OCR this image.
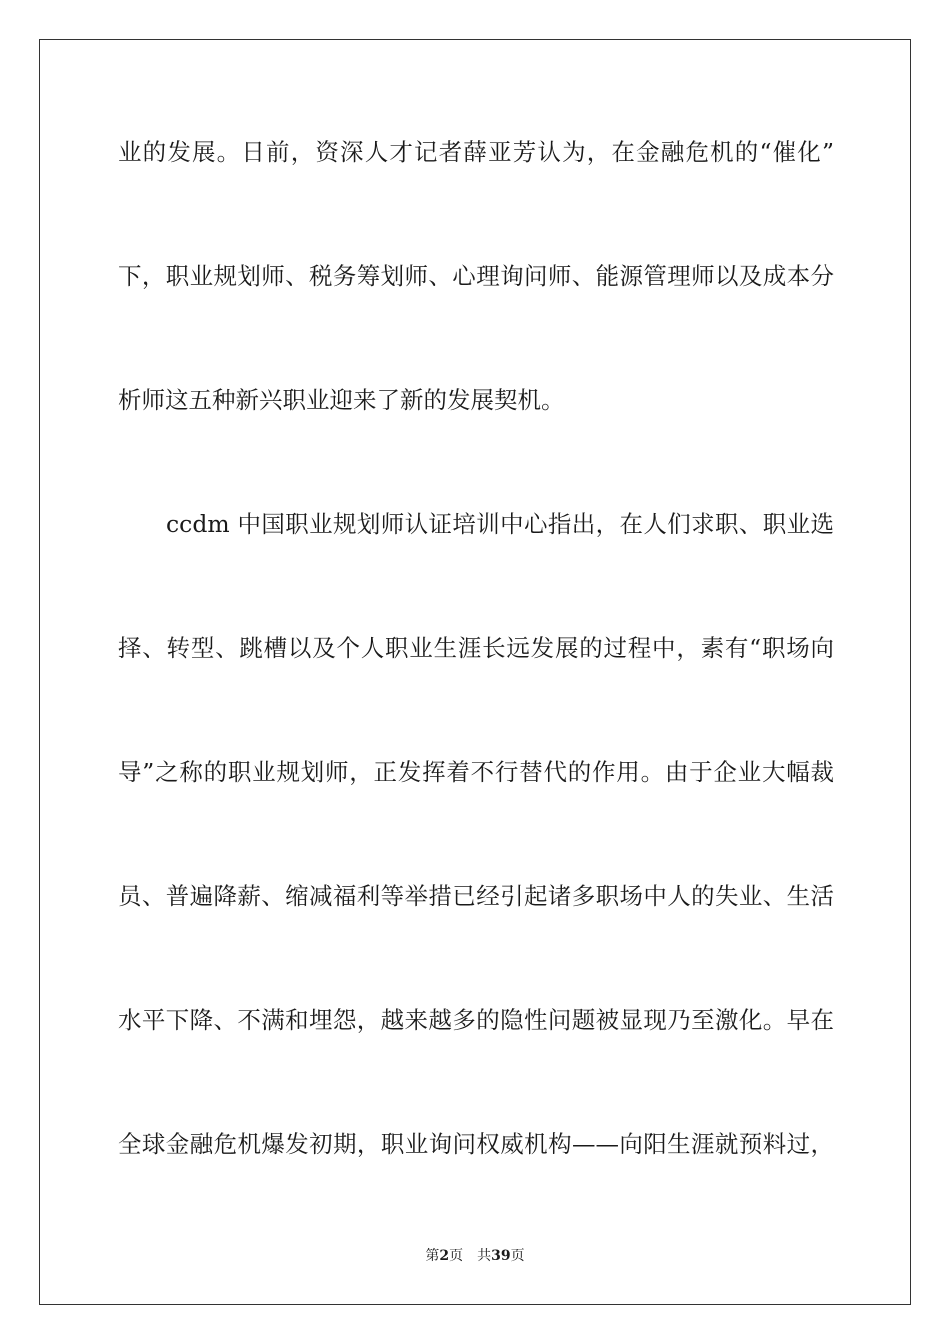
业的发展。日前，资深人才记者薛亚芳认为，在金融危机的“催化”
下，职业规划师、税务筹划师、心理询问师、能源管理师以及成本分
析师这五种新兴职业迎来了新的发展契机。
ccdm 中国职业规划师认证培训中心指出，在人们求职、职业选
择、转型、跳槽以及个人职业生涯长远发展的过程中，素有“职场向
导”之称的职业规划师，正发挥着不行替代的作用。由于企业大幅裁
员、普遍降薪、缩减福利等举措已经引起诸多职场中人的失业、生活
水平下降、不满和埋怨，越来越多的隐性问题被显现乃至激化。早在
全球金融危机爆发初期，职业询问权威机构——向阳生涯就预料过，
第2页 共39页
